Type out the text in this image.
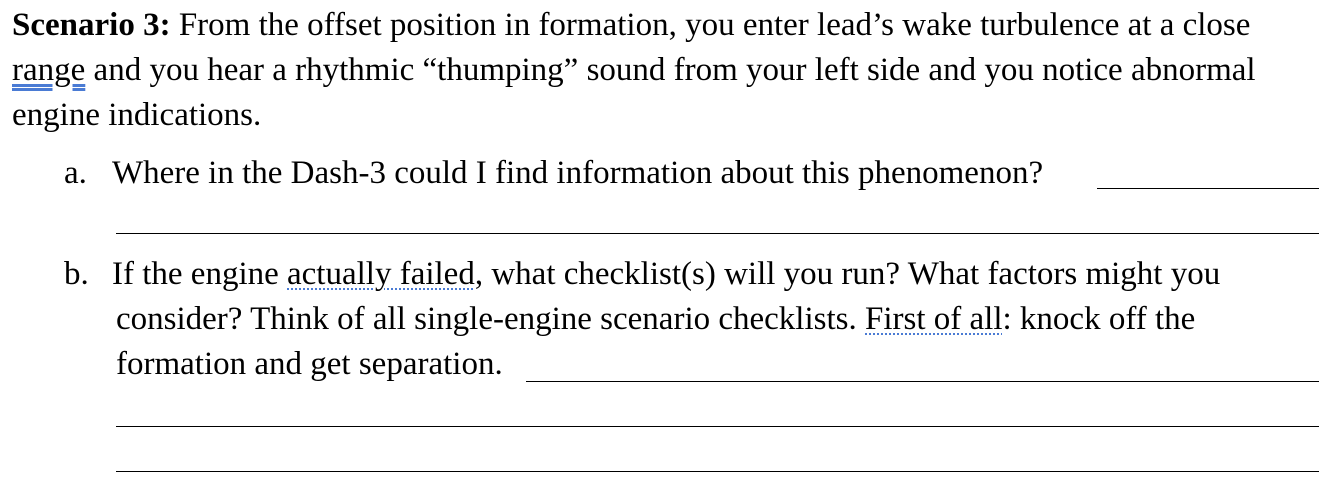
Scenario 3: From the offset position in formation, you enter lead’s wake turbulence at a close
range and you hear a rhythmic “thumping” sound from your left side and you notice abnormal
engine indications.
a. Where in the Dash-3 could I find information about this phenomenon?
b. If the engine actually failed, what checklist(s) will you run? What factors might you
consider? Think of all single-engine scenario checklists. First of all: knock off the
formation and get separation.
